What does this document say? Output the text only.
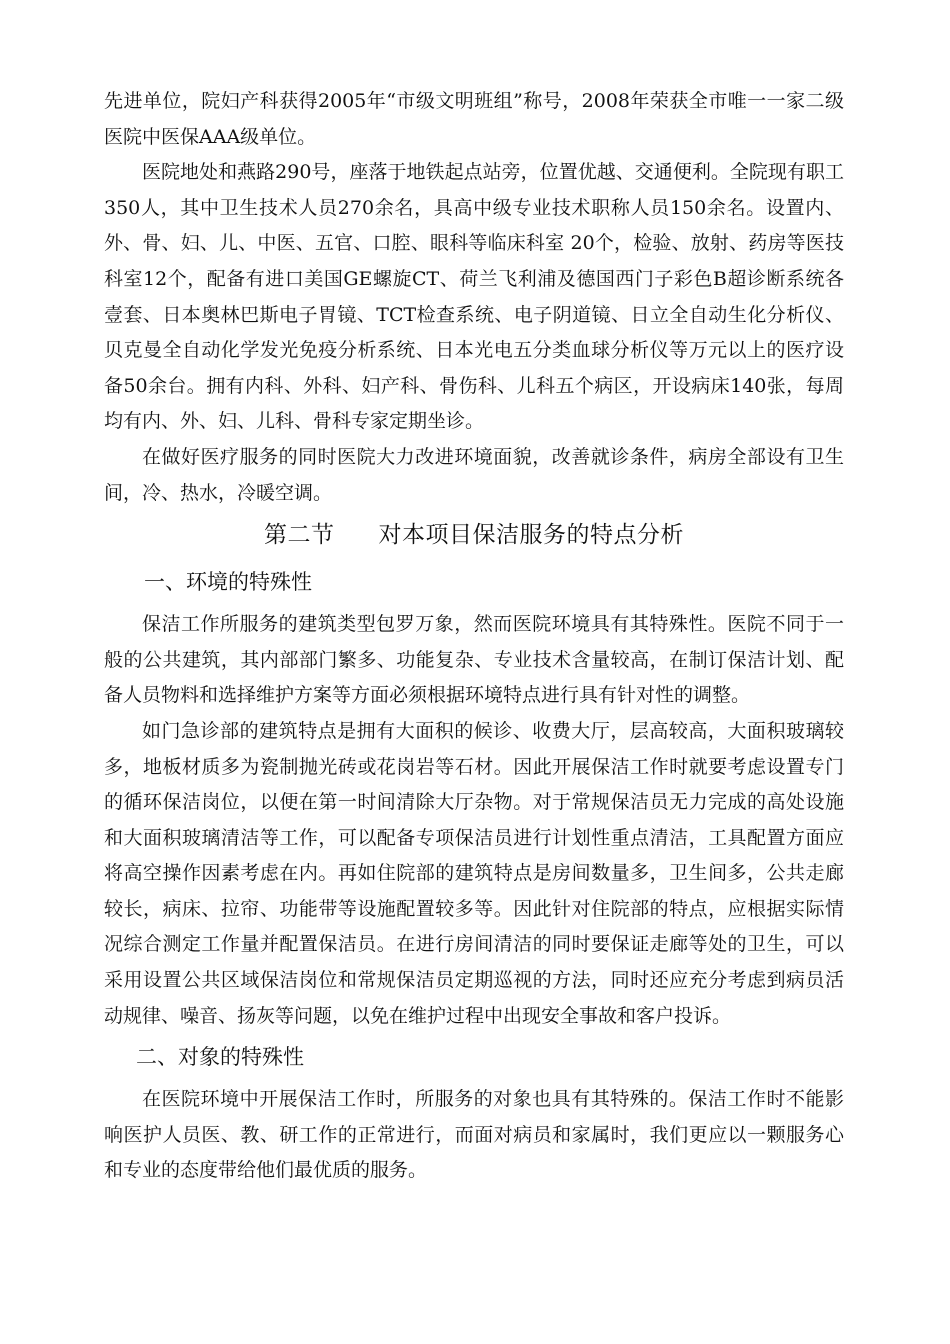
先进单位，院妇产科获得2005年“市级文明班组”称号，2008年荣获全市唯一一家二级医院中医保AAA级单位。

医院地处和燕路290号，座落于地铁起点站旁，位置优越、交通便利。全院现有职工350人，其中卫生技术人员270余名，具高中级专业技术职称人员150余名。设置内、外、骨、妇、儿、中医、五官、口腔、眼科等临床科室 20个，检验、放射、药房等医技科室12个，配备有进口美国GE螺旋CT、荷兰飞利浦及德国西门子彩色B超诊断系统各壹套、日本奥林巴斯电子胃镜、TCT检查系统、电子阴道镜、日立全自动生化分析仪、贝克曼全自动化学发光免疫分析系统、日本光电五分类血球分析仪等万元以上的医疗设备50余台。拥有内科、外科、妇产科、骨伤科、儿科五个病区，开设病床140张，每周均有内、外、妇、儿科、骨科专家定期坐诊。

在做好医疗服务的同时医院大力改进环境面貌，改善就诊条件，病房全部设有卫生间，冷、热水，冷暖空调。

第二节 对本项目保洁服务的特点分析
一、环境的特殊性

保洁工作所服务的建筑类型包罗万象，然而医院环境具有其特殊性。医院不同于一般的公共建筑，其内部部门繁多、功能复杂、专业技术含量较高，在制订保洁计划、配备人员物料和选择维护方案等方面必须根据环境特点进行具有针对性的调整。

如门急诊部的建筑特点是拥有大面积的候诊、收费大厅，层高较高，大面积玻璃较多，地板材质多为瓷制抛光砖或花岗岩等石材。因此开展保洁工作时就要考虑设置专门的循环保洁岗位，以便在第一时间清除大厅杂物。对于常规保洁员无力完成的高处设施和大面积玻璃清洁等工作，可以配备专项保洁员进行计划性重点清洁，工具配置方面应将高空操作因素考虑在内。再如住院部的建筑特点是房间数量多，卫生间多，公共走廊较长，病床、拉帘、功能带等设施配置较多等。因此针对住院部的特点，应根据实际情况综合测定工作量并配置保洁员。在进行房间清洁的同时要保证走廊等处的卫生，可以采用设置公共区域保洁岗位和常规保洁员定期巡视的方法，同时还应充分考虑到病员活动规律、噪音、扬灰等问题，以免在维护过程中出现安全事故和客户投诉。

二、对象的特殊性

在医院环境中开展保洁工作时，所服务的对象也具有其特殊的。保洁工作时不能影响医护人员医、教、研工作的正常进行，而面对病员和家属时，我们更应以一颗服务心和专业的态度带给他们最优质的服务。
